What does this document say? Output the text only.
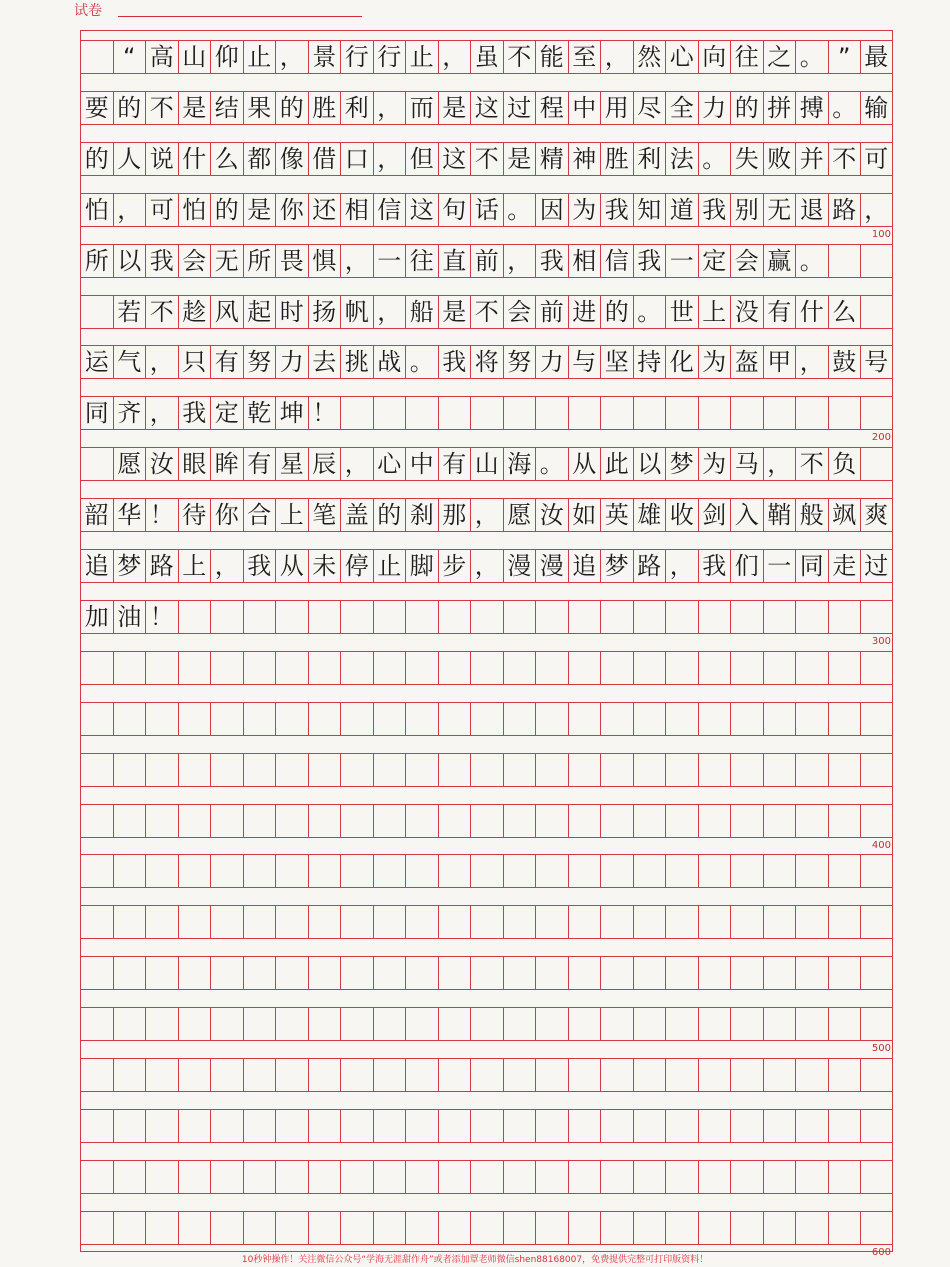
试卷
“ 高 山 仰 止 ， 景 行 行 止 ， 虽 不 能 至 ， 然 心 向 往 之 。 ” 最
要 的 不 是 结 果 的 胜 利 ， 而 是 这 过 程 中 用 尽 全 力 的 拼 搏 。 输
的 人 说 什 么 都 像 借 口 ， 但 这 不 是 精 神 胜 利 法 。 失 败 并 不 可
怕 ， 可 怕 的 是 你 还 相 信 这 句 话 。 因 为 我 知 道 我 别 无 退 路 ，
所 以 我 会 无 所 畏 惧 ， 一 往 直 前 ， 我 相 信 我 一 定 会 赢 。
若 不 趁 风 起 时 扬 帆 ， 船 是 不 会 前 进 的 。 世 上 没 有 什 么
运 气 ， 只 有 努 力 去 挑 战 。 我 将 努 力 与 坚 持 化 为 盔 甲 ， 鼓 号
同 齐 ， 我 定 乾 坤 ！
愿 汝 眼 眸 有 星 辰 ， 心 中 有 山 海 。 从 此 以 梦 为 马 ， 不 负
韶 华 ！ 待 你 合 上 笔 盖 的 刹 那 ， 愿 汝 如 英 雄 收 剑 入 鞘 般 飒 爽
追 梦 路 上 ， 我 从 未 停 止 脚 步 ， 漫 漫 追 梦 路 ， 我 们 一 同 走 过
加 油 ！
100
200
300
400
500
600
10秒钟操作！关注微信公众号“学海无涯甜作舟”或者添加覃老师微信shen88168007，免费提供完整可打印版资料！
